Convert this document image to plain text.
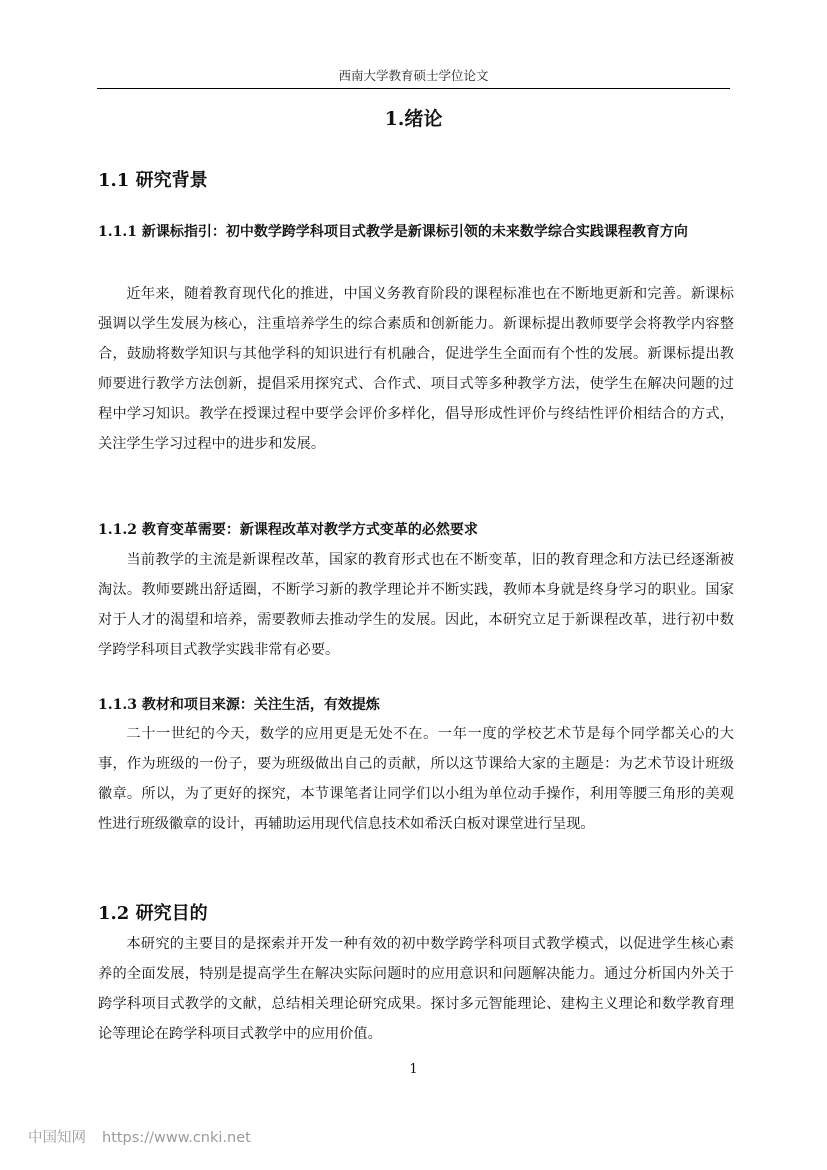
西南大学教育硕士学位论文
1.绪论
1.1 研究背景
1.1.1 新课标指引：初中数学跨学科项目式教学是新课标引领的未来数学综合实践课程教育方向
近年来，随着教育现代化的推进，中国义务教育阶段的课程标准也在不断地更新和完善。新课标强调以学生发展为核心，注重培养学生的综合素质和创新能力。新课标提出教师要学会将教学内容整合，鼓励将数学知识与其他学科的知识进行有机融合，促进学生全面而有个性的发展。新课标提出教师要进行教学方法创新，提倡采用探究式、合作式、项目式等多种教学方法，使学生在解决问题的过程中学习知识。教学在授课过程中要学会评价多样化，倡导形成性评价与终结性评价相结合的方式，关注学生学习过程中的进步和发展。
1.1.2 教育变革需要：新课程改革对教学方式变革的必然要求
当前教学的主流是新课程改革，国家的教育形式也在不断变革，旧的教育理念和方法已经逐渐被淘汰。教师要跳出舒适圈，不断学习新的教学理论并不断实践，教师本身就是终身学习的职业。国家对于人才的渴望和培养，需要教师去推动学生的发展。因此，本研究立足于新课程改革，进行初中数学跨学科项目式教学实践非常有必要。
1.1.3 教材和项目来源：关注生活，有效提炼
二十一世纪的今天，数学的应用更是无处不在。一年一度的学校艺术节是每个同学都关心的大事，作为班级的一份子，要为班级做出自己的贡献，所以这节课给大家的主题是：为艺术节设计班级徽章。所以，为了更好的探究，本节课笔者让同学们以小组为单位动手操作，利用等腰三角形的美观性进行班级徽章的设计，再辅助运用现代信息技术如希沃白板对课堂进行呈现。
1.2 研究目的
本研究的主要目的是探索并开发一种有效的初中数学跨学科项目式教学模式，以促进学生核心素养的全面发展，特别是提高学生在解决实际问题时的应用意识和问题解决能力。通过分析国内外关于跨学科项目式教学的文献，总结相关理论研究成果。探讨多元智能理论、建构主义理论和数学教育理论等理论在跨学科项目式教学中的应用价值。
1
中国知网 https://www.cnki.net
